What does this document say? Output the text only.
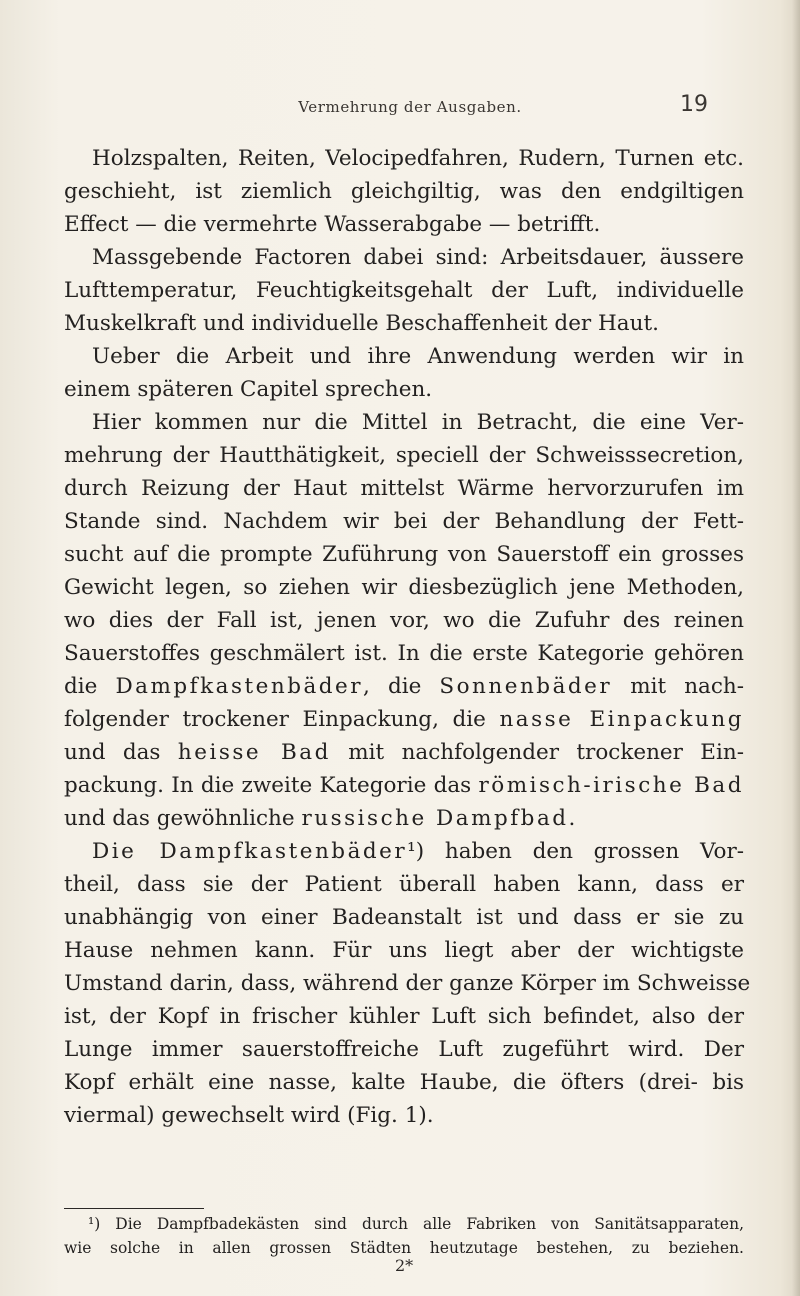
Vermehrung der Ausgaben.	19
Holzspalten, Reiten, Velocipedfahren, Rudern, Turnen etc.
geschieht, ist ziemlich gleichgiltig, was den endgiltigen
Effect — die vermehrte Wasserabgabe — betrifft.
Massgebende Factoren dabei sind: Arbeitsdauer, äussere
Lufttemperatur, Feuchtigkeitsgehalt der Luft, individuelle
Muskelkraft und individuelle Beschaffenheit der Haut.
Ueber die Arbeit und ihre Anwendung werden wir in
einem späteren Capitel sprechen.
Hier kommen nur die Mittel in Betracht, die eine Ver-
mehrung der Hautthätigkeit, speciell der Schweisssecretion,
durch Reizung der Haut mittelst Wärme hervorzurufen im
Stande sind. Nachdem wir bei der Behandlung der Fett-
sucht auf die prompte Zuführung von Sauerstoff ein grosses
Gewicht legen, so ziehen wir diesbezüglich jene Methoden,
wo dies der Fall ist, jenen vor, wo die Zufuhr des reinen
Sauerstoffes geschmälert ist. In die erste Kategorie gehören
die Dampfkastenbäder, die Sonnenbäder mit nach-
folgender trockener Einpackung, die nasse Einpackung
und das heisse Bad mit nachfolgender trockener Ein-
packung. In die zweite Kategorie das römisch-irische Bad
und das gewöhnliche russische Dampfbad.
Die Dampfkastenbäder¹) haben den grossen Vor-
theil, dass sie der Patient überall haben kann, dass er
unabhängig von einer Badeanstalt ist und dass er sie zu
Hause nehmen kann. Für uns liegt aber der wichtigste
Umstand darin, dass, während der ganze Körper im Schweisse
ist, der Kopf in frischer kühler Luft sich befindet, also der
Lunge immer sauerstoffreiche Luft zugeführt wird. Der
Kopf erhält eine nasse, kalte Haube, die öfters (drei- bis
viermal) gewechselt wird (Fig. 1).
¹) Die Dampfbadekästen sind durch alle Fabriken von Sanitätsapparaten,
wie solche in allen grossen Städten heutzutage bestehen, zu beziehen.
2*
